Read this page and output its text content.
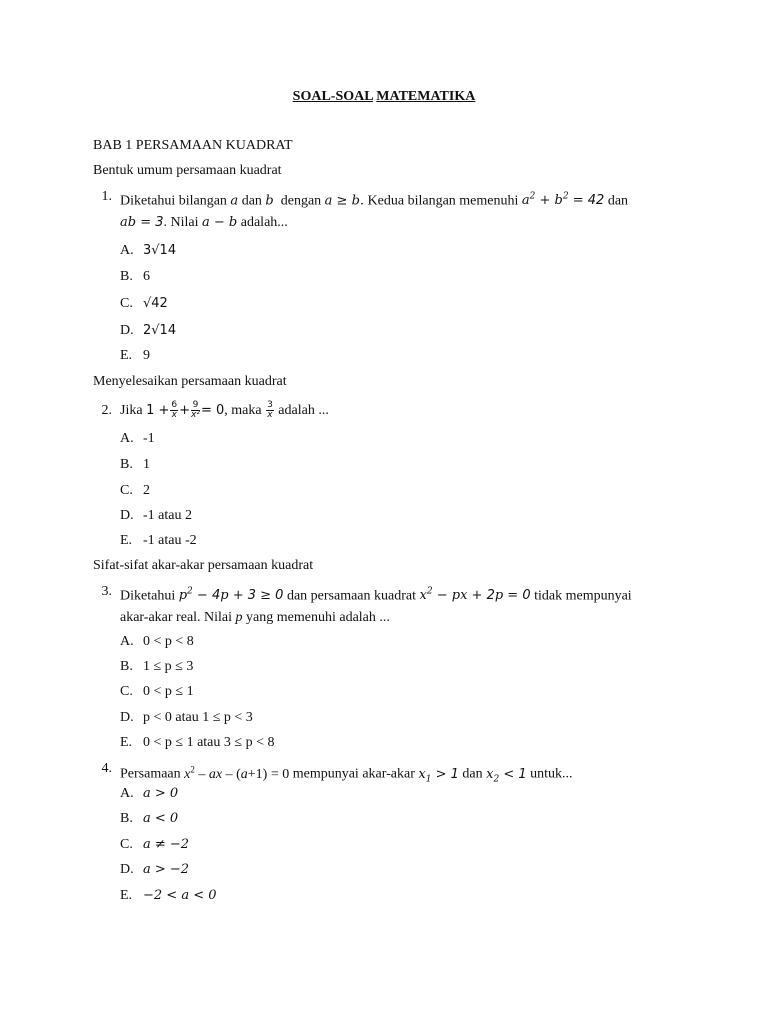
SOAL-SOAL MATEMATIKA
BAB 1 PERSAMAAN KUADRAT
Bentuk umum persamaan kuadrat
1. Diketahui bilangan a dan b dengan a ≥ b. Kedua bilangan memenuhi $a^2 + b^2 = 42$ dan
ab = 3. Nilai a − b adalah...
A. 3√14
B. 6
C. √42
D. 2√14
E. 9
Menyelesaikan persamaan kuadrat
2. Jika $1 + \frac{6}{x} + \frac{9}{\text{x²}} = 0$, maka $\frac{3}{x}$ adalah ...
A. -1
B. 1
C. 2
D. -1 atau 2
E. -1 atau -2
Sifat-sifat akar-akar persamaan kuadrat
3. Diketahui $p^2 - 4p + 3 \ge 0$ dan persamaan kuadrat $x^2$ − px + 2p = 0 tidak mempunyai
akar-akar real. Nilai p yang memenuhi adalah ...
A. 0 < p < 8
B. 1 ≤ p ≤ 3
C. 0 < p ≤ 1
D. p < 0 atau 1 ≤ p < 3
E. 0 < p ≤ 1 atau 3 ≤ p < 8
4. Persamaan $x^2$ – ax – (a+1) = 0 mempunyai akar-akar $x_1 > 1$ dan $x_2 < 1$ untuk...
A. a > 0
B. a < 0
C. a ≠ −2
D. a > −2
E. −2 < a < 0
